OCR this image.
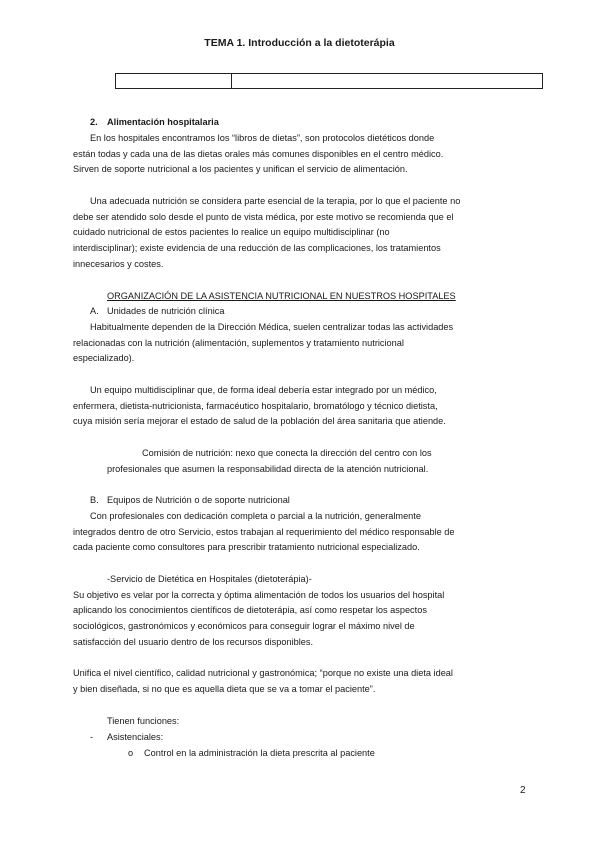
TEMA 1. Introducción a la dietoterápia
2. Alimentación hospitalaria
En los hospitales encontramos los “libros de dietas”, son protocolos dietéticos donde
están todas y cada una de las dietas orales más comunes disponibles en el centro médico.
Sirven de soporte nutricional a los pacientes y unifican el servicio de alimentación.
Una adecuada nutrición se considera parte esencial de la terapia, por lo que el paciente no
debe ser atendido solo desde el punto de vista médica, por este motivo se recomienda que el
cuidado nutricional de estos pacientes lo realice un equipo multidisciplinar (no
interdisciplinar); existe evidencia de una reducción de las complicaciones, los tratamientos
innecesarios y costes.
ORGANIZACIÓN DE LA ASISTENCIA NUTRICIONAL EN NUESTROS HOSPITALES
A. Unidades de nutrición clínica
Habitualmente dependen de la Dirección Médica, suelen centralizar todas las actividades
relacionadas con la nutrición (alimentación, suplementos y tratamiento nutricional
especializado).
Un equipo multidisciplinar que, de forma ideal debería estar integrado por un médico,
enfermera, dietista-nutricionista, farmacéutico hospitalario, bromatólogo y técnico dietista,
cuya misión sería mejorar el estado de salud de la población del área sanitaria que atiende.
Comisión de nutrición: nexo que conecta la dirección del centro con los
profesionales que asumen la responsabilidad directa de la atención nutricional.
B. Equipos de Nutrición o de soporte nutricional
Con profesionales con dedicación completa o parcial a la nutrición, generalmente
integrados dentro de otro Servicio, estos trabajan al requerimiento del médico responsable de
cada paciente como consultores para prescribir tratamiento nutricional especializado.
-Servicio de Dietética en Hospitales (dietoterápia)-
Su objetivo es velar por la correcta y óptima alimentación de todos los usuarios del hospital
aplicando los conocimientos científicos de dietoterápia, así como respetar los aspectos
sociológicos, gastronómicos y económicos para conseguir lograr el máximo nivel de
satisfacción del usuario dentro de los recursos disponibles.
Unifica el nivel científico, calidad nutricional y gastronómica; “porque no existe una dieta ideal
y bien diseñada, si no que es aquella dieta que se va a tomar el paciente”.
Tienen funciones:
- Asistenciales:
o Control en la administración la dieta prescrita al paciente
2
